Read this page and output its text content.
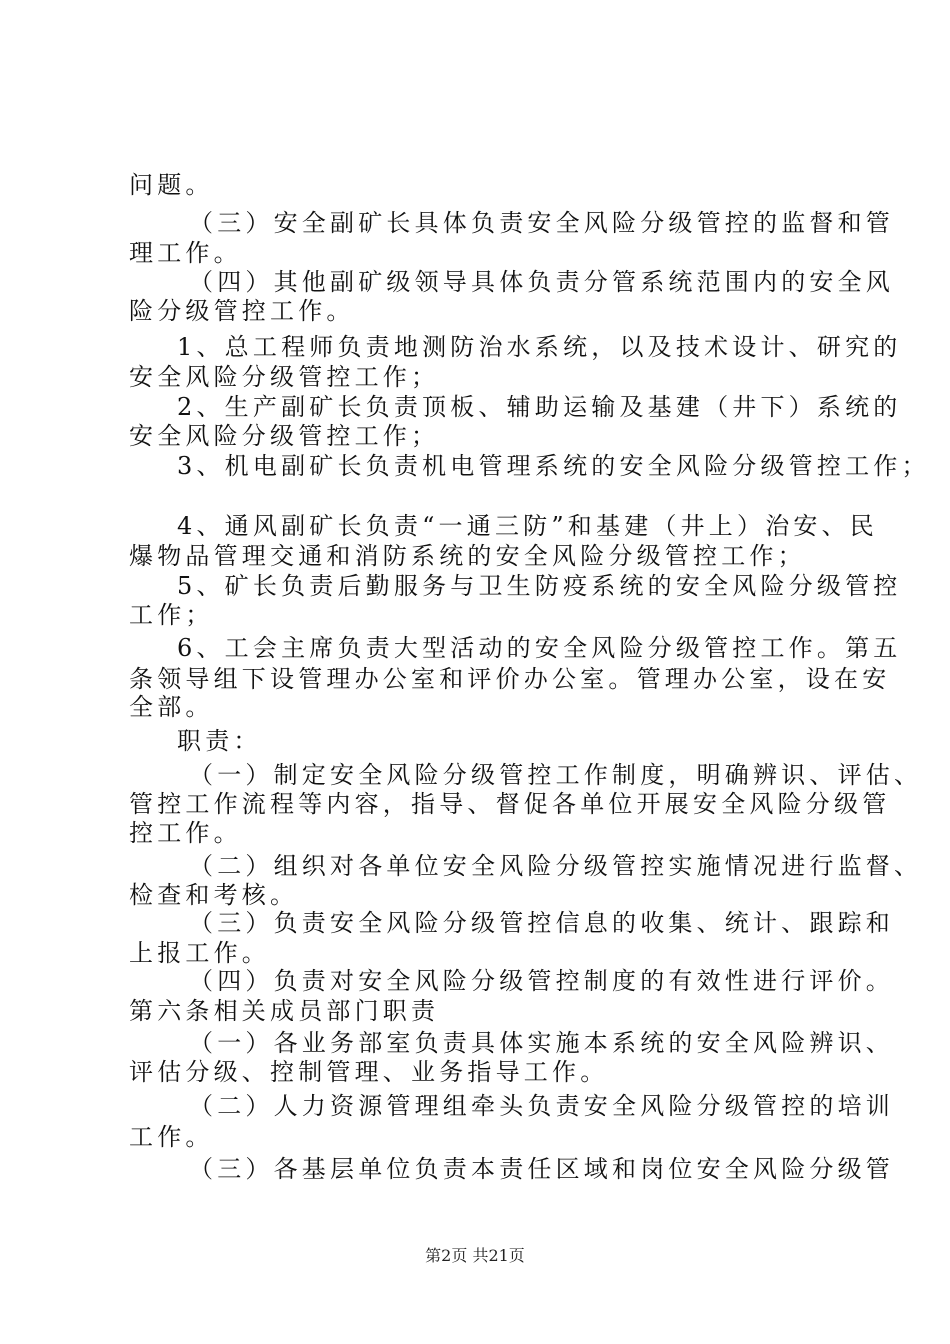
问题。
（三）安全副矿长具体负责安全风险分级管控的监督和管
理工作。
（四）其他副矿级领导具体负责分管系统范围内的安全风
险分级管控工作。
1、总工程师负责地测防治水系统，以及技术设计、研究的
安全风险分级管控工作；
2、生产副矿长负责顶板、辅助运输及基建（井下）系统的
安全风险分级管控工作；
3、机电副矿长负责机电管理系统的安全风险分级管控工作；
4、通风副矿长负责“一通三防”和基建（井上）治安、民
爆物品管理交通和消防系统的安全风险分级管控工作；
5、矿长负责后勤服务与卫生防疫系统的安全风险分级管控
工作；
6、工会主席负责大型活动的安全风险分级管控工作。第五
条领导组下设管理办公室和评价办公室。管理办公室，设在安
全部。
职责：
（一）制定安全风险分级管控工作制度，明确辨识、评估、
管控工作流程等内容，指导、督促各单位开展安全风险分级管
控工作。
（二）组织对各单位安全风险分级管控实施情况进行监督、
检查和考核。
（三）负责安全风险分级管控信息的收集、统计、跟踪和
上报工作。
（四）负责对安全风险分级管控制度的有效性进行评价。
第六条相关成员部门职责
（一）各业务部室负责具体实施本系统的安全风险辨识、
评估分级、控制管理、业务指导工作。
（二）人力资源管理组牵头负责安全风险分级管控的培训
工作。
（三）各基层单位负责本责任区域和岗位安全风险分级管
第2页 共21页
